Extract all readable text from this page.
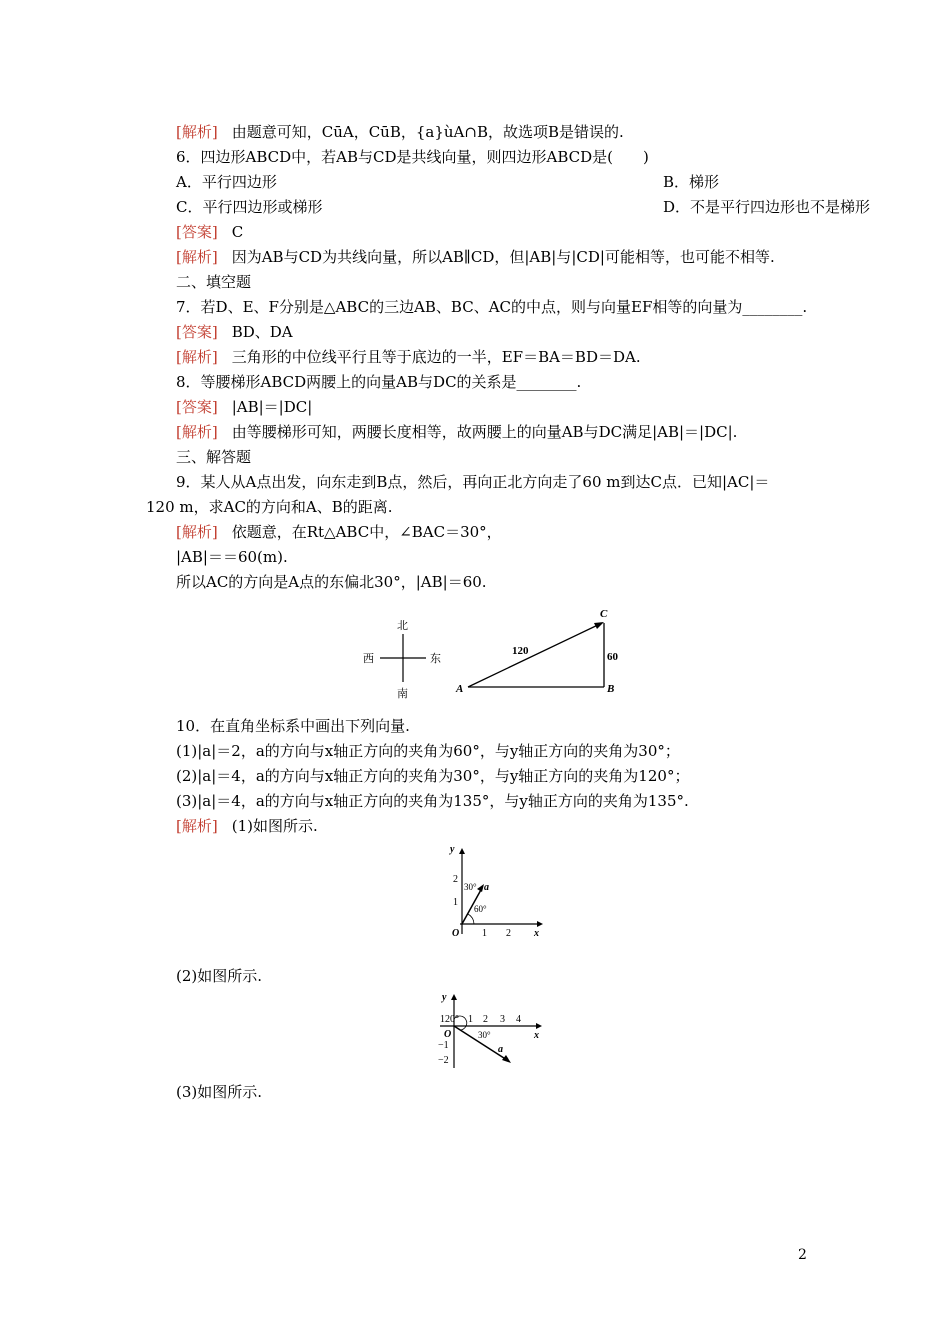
[解析] 由题意可知，CūA，CūB，{a}ùA∩B，故选项B是错误的.
6．四边形ABCD中，若AB与CD是共线向量，则四边形ABCD是(　　)
A．平行四边形	B．梯形
C．平行四边形或梯形	D．不是平行四边形也不是梯形
[答案] C
[解析] 因为AB与CD为共线向量，所以AB∥CD，但|AB|与|CD|可能相等，也可能不相等.
二、填空题
7．若D、E、F分别是△ABC的三边AB、BC、AC的中点，则与向量EF相等的向量为________.
[答案] BD、DA
[解析] 三角形的中位线平行且等于底边的一半，EF＝BA＝BD＝DA.
8．等腰梯形ABCD两腰上的向量AB与DC的关系是________.
[答案] |AB|＝|DC|
[解析] 由等腰梯形可知，两腰长度相等，故两腰上的向量AB与DC满足|AB|＝|DC|.
三、解答题
9．某人从A点出发，向东走到B点，然后，再向正北方向走了60 m到达C点．已知|AC|＝
120 m，求AC的方向和A、B的距离.
[解析] 依题意，在Rt△ABC中，∠BAC＝30°，
|AB|＝＝60(m).
所以AC的方向是A点的东偏北30°，|AB|＝60.
北
南
西	东
A	B
C
120	60
10．在直角坐标系中画出下列向量.
(1)|a|＝2，a的方向与x轴正方向的夹角为60°，与y轴正方向的夹角为30°；
(2)|a|＝4，a的方向与x轴正方向的夹角为30°，与y轴正方向的夹角为120°；
(3)|a|＝4，a的方向与x轴正方向的夹角为135°，与y轴正方向的夹角为135°.
[解析] (1)如图所示.
y
x
O 1 2
1
2
30°
60°
a
(2)如图所示.
y
x
O
1 2 3 4
−1
−2
120°
30°
a
(3)如图所示.
2
